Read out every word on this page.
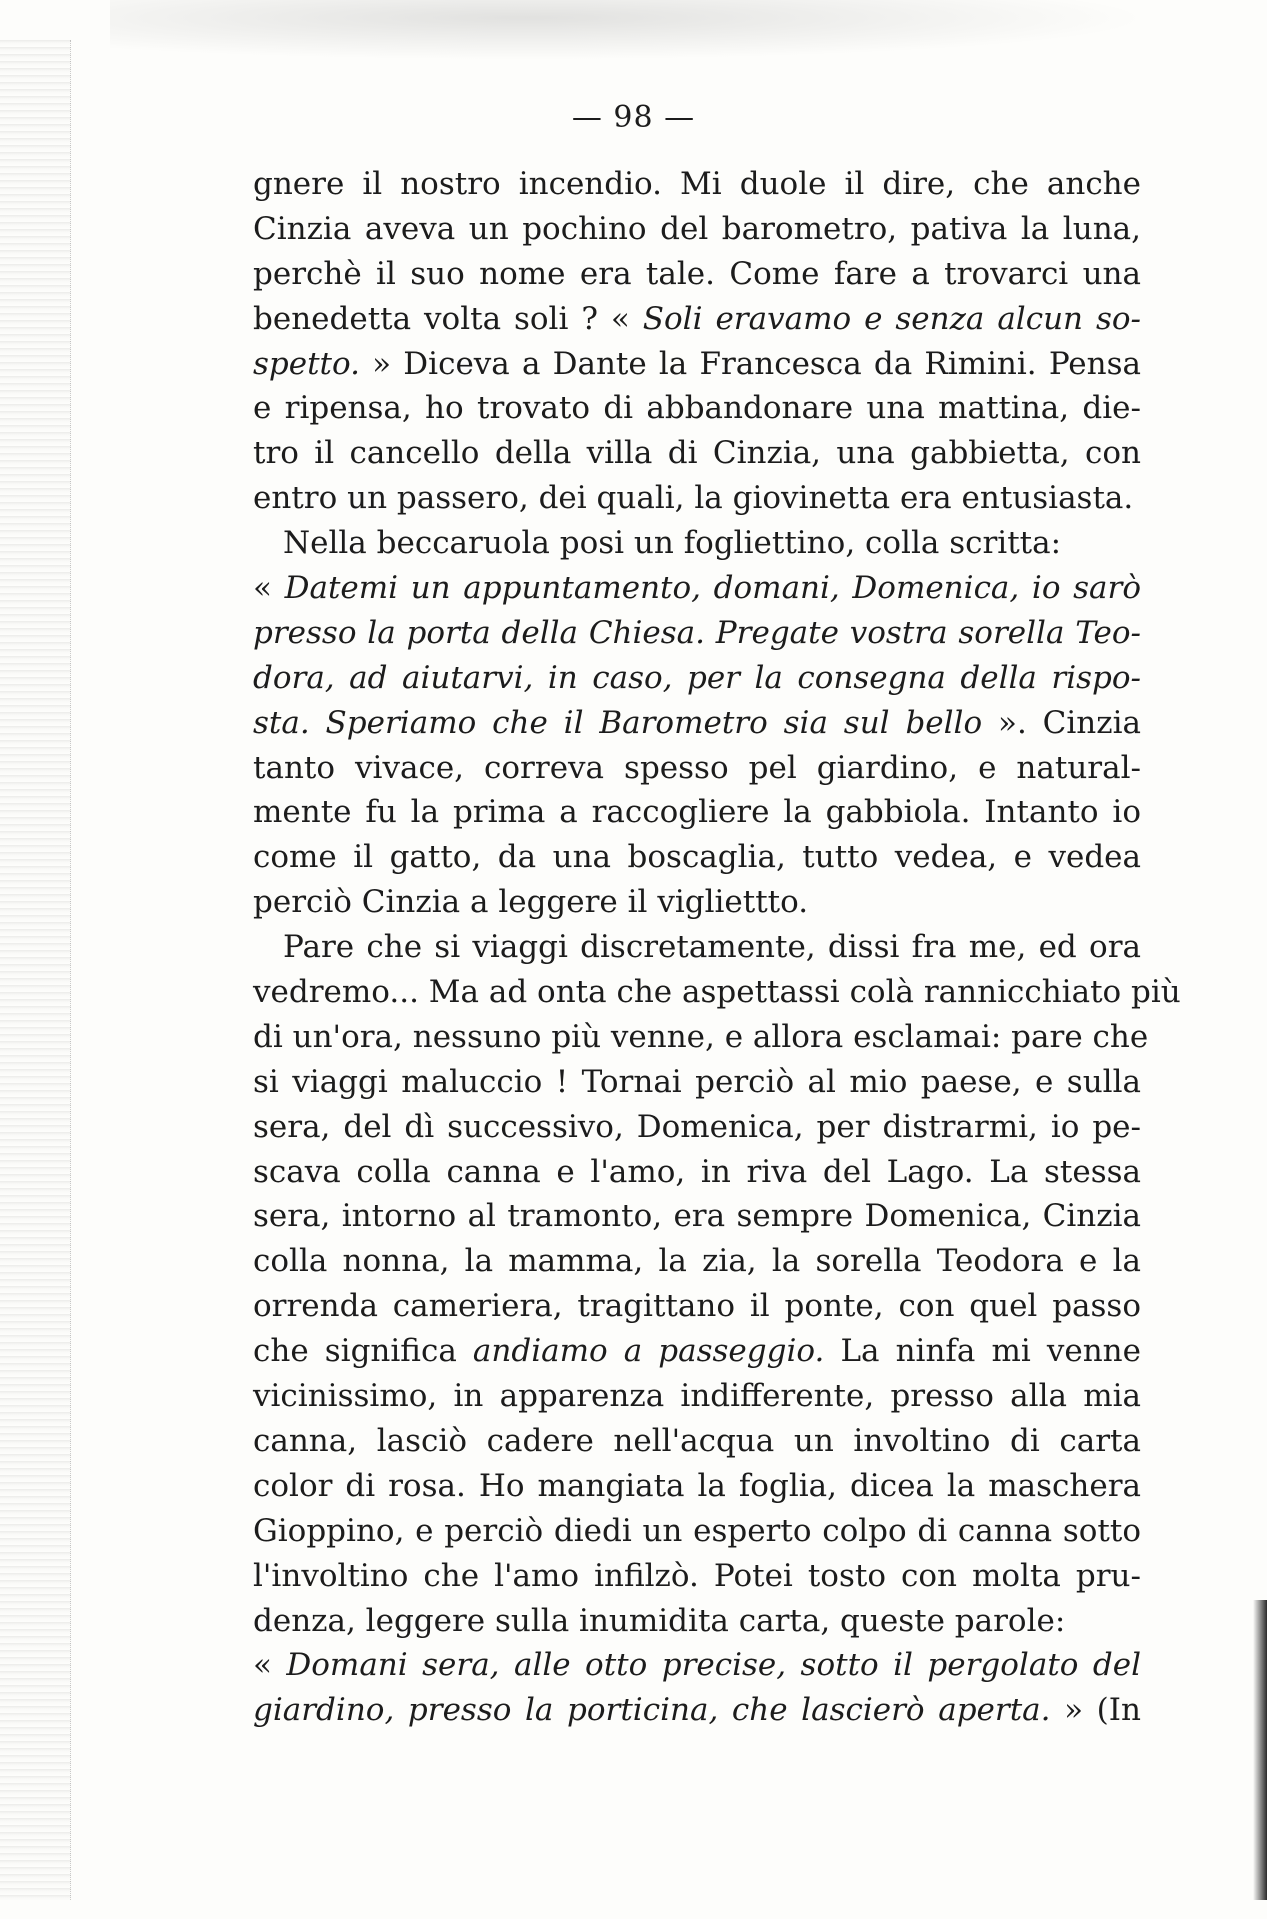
— 98 —
gnere il nostro incendio. Mi duole il dire, che anche
Cinzia aveva un pochino del barometro, pativa la luna,
perchè il suo nome era tale. Come fare a trovarci una
benedetta volta soli ? « Soli eravamo e senza alcun so-
spetto. » Diceva a Dante la Francesca da Rimini. Pensa
e ripensa, ho trovato di abbandonare una mattina, die-
tro il cancello della villa di Cinzia, una gabbietta, con
entro un passero, dei quali, la giovinetta era entusiasta.
Nella beccaruola posi un fogliettino, colla scritta:
« Datemi un appuntamento, domani, Domenica, io sarò
presso la porta della Chiesa. Pregate vostra sorella Teo-
dora, ad aiutarvi, in caso, per la consegna della rispo-
sta. Speriamo che il Barometro sia sul bello ». Cinzia
tanto vivace, correva spesso pel giardino, e natural-
mente fu la prima a raccogliere la gabbiola. Intanto io
come il gatto, da una boscaglia, tutto vedea, e vedea
perciò Cinzia a leggere il vigliettto.
Pare che si viaggi discretamente, dissi fra me, ed ora
vedremo... Ma ad onta che aspettassi colà rannicchiato più
di un'ora, nessuno più venne, e allora esclamai: pare che
si viaggi maluccio ! Tornai perciò al mio paese, e sulla
sera, del dì successivo, Domenica, per distrarmi, io pe-
scava colla canna e l'amo, in riva del Lago. La stessa
sera, intorno al tramonto, era sempre Domenica, Cinzia
colla nonna, la mamma, la zia, la sorella Teodora e la
orrenda cameriera, tragittano il ponte, con quel passo
che significa andiamo a passeggio. La ninfa mi venne
vicinissimo, in apparenza indifferente, presso alla mia
canna, lasciò cadere nell'acqua un involtino di carta
color di rosa. Ho mangiata la foglia, dicea la maschera
Gioppino, e perciò diedi un esperto colpo di canna sotto
l'involtino che l'amo infilzò. Potei tosto con molta pru-
denza, leggere sulla inumidita carta, queste parole:
« Domani sera, alle otto precise, sotto il pergolato del
giardino, presso la porticina, che lascierò aperta. » (In
